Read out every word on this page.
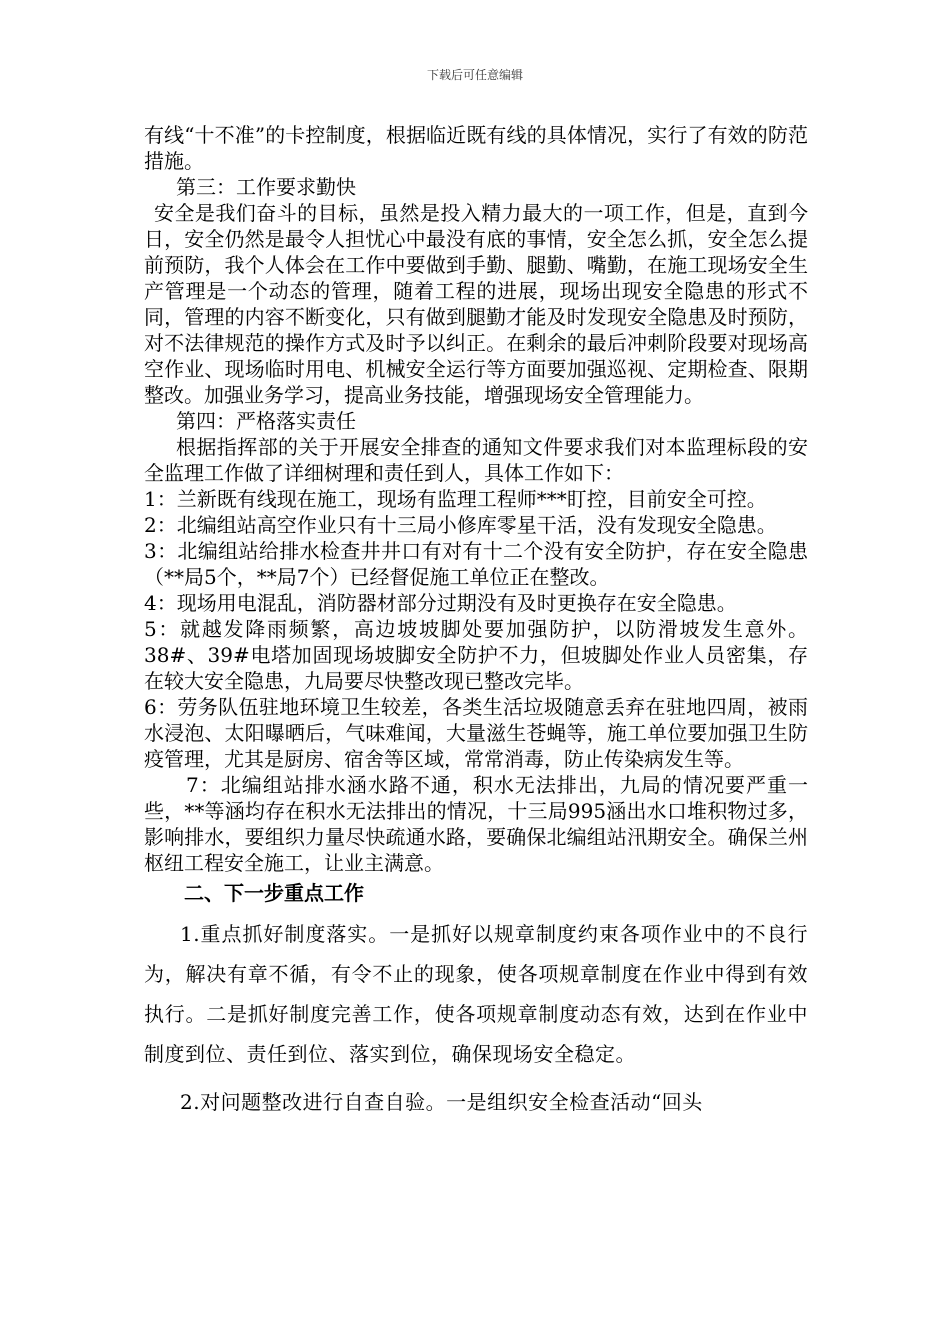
下载后可任意编辑

有线“十不准”的卡控制度，根据临近既有线的具体情况，实行了有效的防范措施。

第三：工作要求勤快

安全是我们奋斗的目标，虽然是投入精力最大的一项工作，但是，直到今日，安全仍然是最令人担忧心中最没有底的事情，安全怎么抓，安全怎么提前预防，我个人体会在工作中要做到手勤、腿勤、嘴勤，在施工现场安全生产管理是一个动态的管理，随着工程的进展，现场出现安全隐患的形式不同，管理的内容不断变化，只有做到腿勤才能及时发现安全隐患及时预防，对不法律规范的操作方式及时予以纠正。在剩余的最后冲刺阶段要对现场高空作业、现场临时用电、机械安全运行等方面要加强巡视、定期检查、限期整改。加强业务学习，提高业务技能，增强现场安全管理能力。

第四：严格落实责任

根据指挥部的关于开展安全排查的通知文件要求我们对本监理标段的安全监理工作做了详细树理和责任到人，具体工作如下：

1：兰新既有线现在施工，现场有监理工程师***盯控，目前安全可控。

2：北编组站高空作业只有十三局小修库零星干活，没有发现安全隐患。

3：北编组站给排水检查井井口有对有十二个没有安全防护，存在安全隐患（**局5个，**局7个）已经督促施工单位正在整改。

4：现场用电混乱，消防器材部分过期没有及时更换存在安全隐患。

5：就越发降雨频繁，高边坡坡脚处要加强防护，以防滑坡发生意外。38#、39#电塔加固现场坡脚安全防护不力，但坡脚处作业人员密集，存在较大安全隐患，九局要尽快整改现已整改完毕。

6：劳务队伍驻地环境卫生较差，各类生活垃圾随意丢弃在驻地四周，被雨水浸泡、太阳曝晒后，气味难闻，大量滋生苍蝇等，施工单位要加强卫生防疫管理，尤其是厨房、宿舍等区域，常常消毒，防止传染病发生等。

7：北编组站排水涵水路不通，积水无法排出，九局的情况要严重一些，**等涵均存在积水无法排出的情况，十三局995涵出水口堆积物过多，影响排水，要组织力量尽快疏通水路，要确保北编组站汛期安全。确保兰州枢纽工程安全施工，让业主满意。

二、下一步重点工作

1.重点抓好制度落实。一是抓好以规章制度约束各项作业中的不良行为，解决有章不循，有令不止的现象，使各项规章制度在作业中得到有效执行。二是抓好制度完善工作，使各项规章制度动态有效，达到在作业中制度到位、责任到位、落实到位，确保现场安全稳定。

2.对问题整改进行自查自验。一是组织安全检查活动“回头
